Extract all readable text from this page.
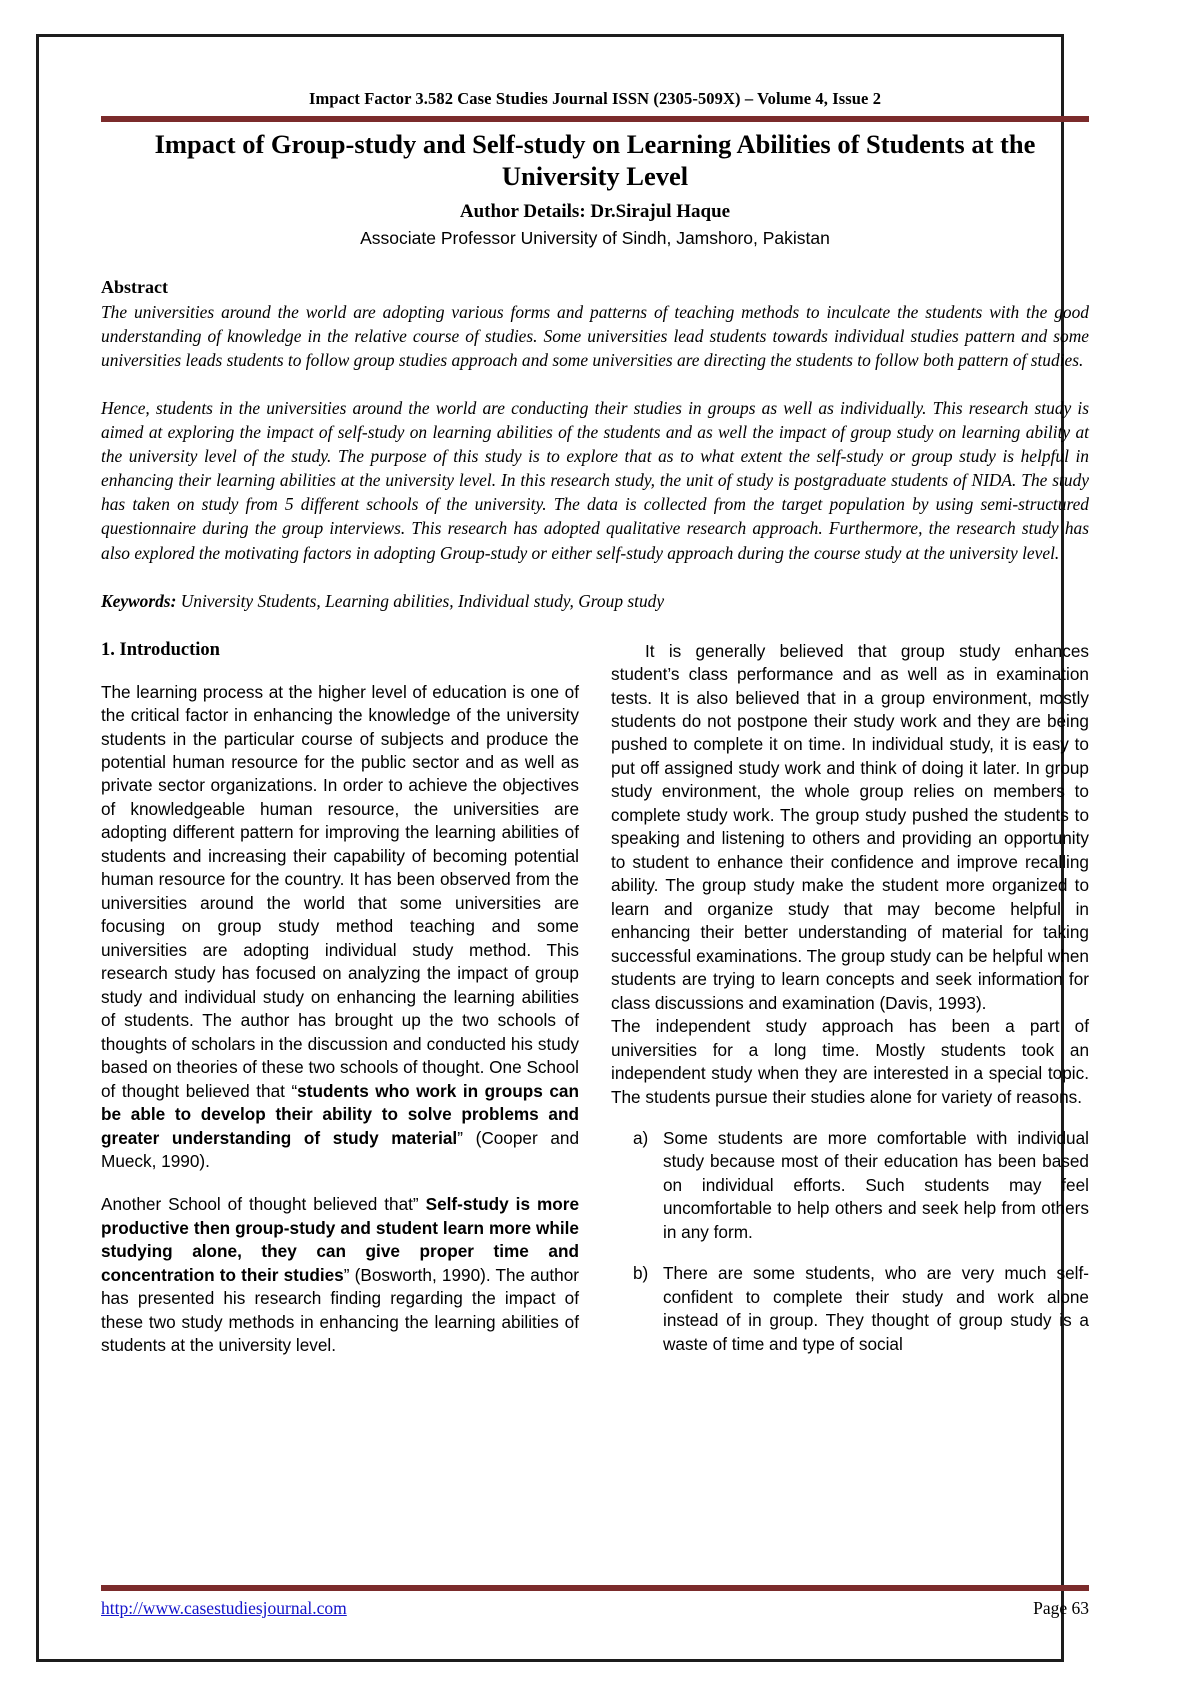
Impact Factor 3.582 Case Studies Journal ISSN (2305-509X) – Volume 4, Issue 2
Impact of Group-study and Self-study on Learning Abilities of Students at the University Level
Author Details: Dr.Sirajul Haque
Associate Professor University of Sindh, Jamshoro, Pakistan
Abstract

The universities around the world are adopting various forms and patterns of teaching methods to inculcate the students with the good understanding of knowledge in the relative course of studies. Some universities lead students towards individual studies pattern and some universities leads students to follow group studies approach and some universities are directing the students to follow both pattern of studies.

Hence, students in the universities around the world are conducting their studies in groups as well as individually. This research study is aimed at exploring the impact of self-study on learning abilities of the students and as well the impact of group study on learning ability at the university level of the study. The purpose of this study is to explore that as to what extent the self-study or group study is helpful in enhancing their learning abilities at the university level. In this research study, the unit of study is postgraduate students of NIDA. The study has taken on study from 5 different schools of the university. The data is collected from the target population by using semi-structured questionnaire during the group interviews. This research has adopted qualitative research approach. Furthermore, the research study has also explored the motivating factors in adopting Group-study or either self-study approach during the course study at the university level.

Keywords: University Students, Learning abilities, Individual study, Group study
1. Introduction

The learning process at the higher level of education is one of the critical factor in enhancing the knowledge of the university students in the particular course of subjects and produce the potential human resource for the public sector and as well as private sector organizations. In order to achieve the objectives of knowledgeable human resource, the universities are adopting different pattern for improving the learning abilities of students and increasing their capability of becoming potential human resource for the country. It has been observed from the universities around the world that some universities are focusing on group study method teaching and some universities are adopting individual study method. This research study has focused on analyzing the impact of group study and individual study on enhancing the learning abilities of students. The author has brought up the two schools of thoughts of scholars in the discussion and conducted his study based on theories of these two schools of thought. One School of thought believed that “students who work in groups can be able to develop their ability to solve problems and greater understanding of study material” (Cooper and Mueck, 1990).

Another School of thought believed that” Self-study is more productive then group-study and student learn more while studying alone, they can give proper time and concentration to their studies” (Bosworth, 1990). The author has presented his research finding regarding the impact of these two study methods in enhancing the learning abilities of students at the university level.

It is generally believed that group study enhances student’s class performance and as well as in examination tests. It is also believed that in a group environment, mostly students do not postpone their study work and they are being pushed to complete it on time. In individual study, it is easy to put off assigned study work and think of doing it later. In group study environment, the whole group relies on members to complete study work. The group study pushed the students to speaking and listening to others and providing an opportunity to student to enhance their confidence and improve recalling ability. The group study make the student more organized to learn and organize study that may become helpful in enhancing their better understanding of material for taking successful examinations. The group study can be helpful when students are trying to learn concepts and seek information for class discussions and examination (Davis, 1993).

The independent study approach has been a part of universities for a long time. Mostly students took an independent study when they are interested in a special topic. The students pursue their studies alone for variety of reasons.

a) Some students are more comfortable with individual study because most of their education has been based on individual efforts. Such students may feel uncomfortable to help others and seek help from others in any form.
b) There are some students, who are very much self-confident to complete their study and work alone instead of in group. They thought of group study is a waste of time and type of social
http://www.casestudiesjournal.com	Page 63
